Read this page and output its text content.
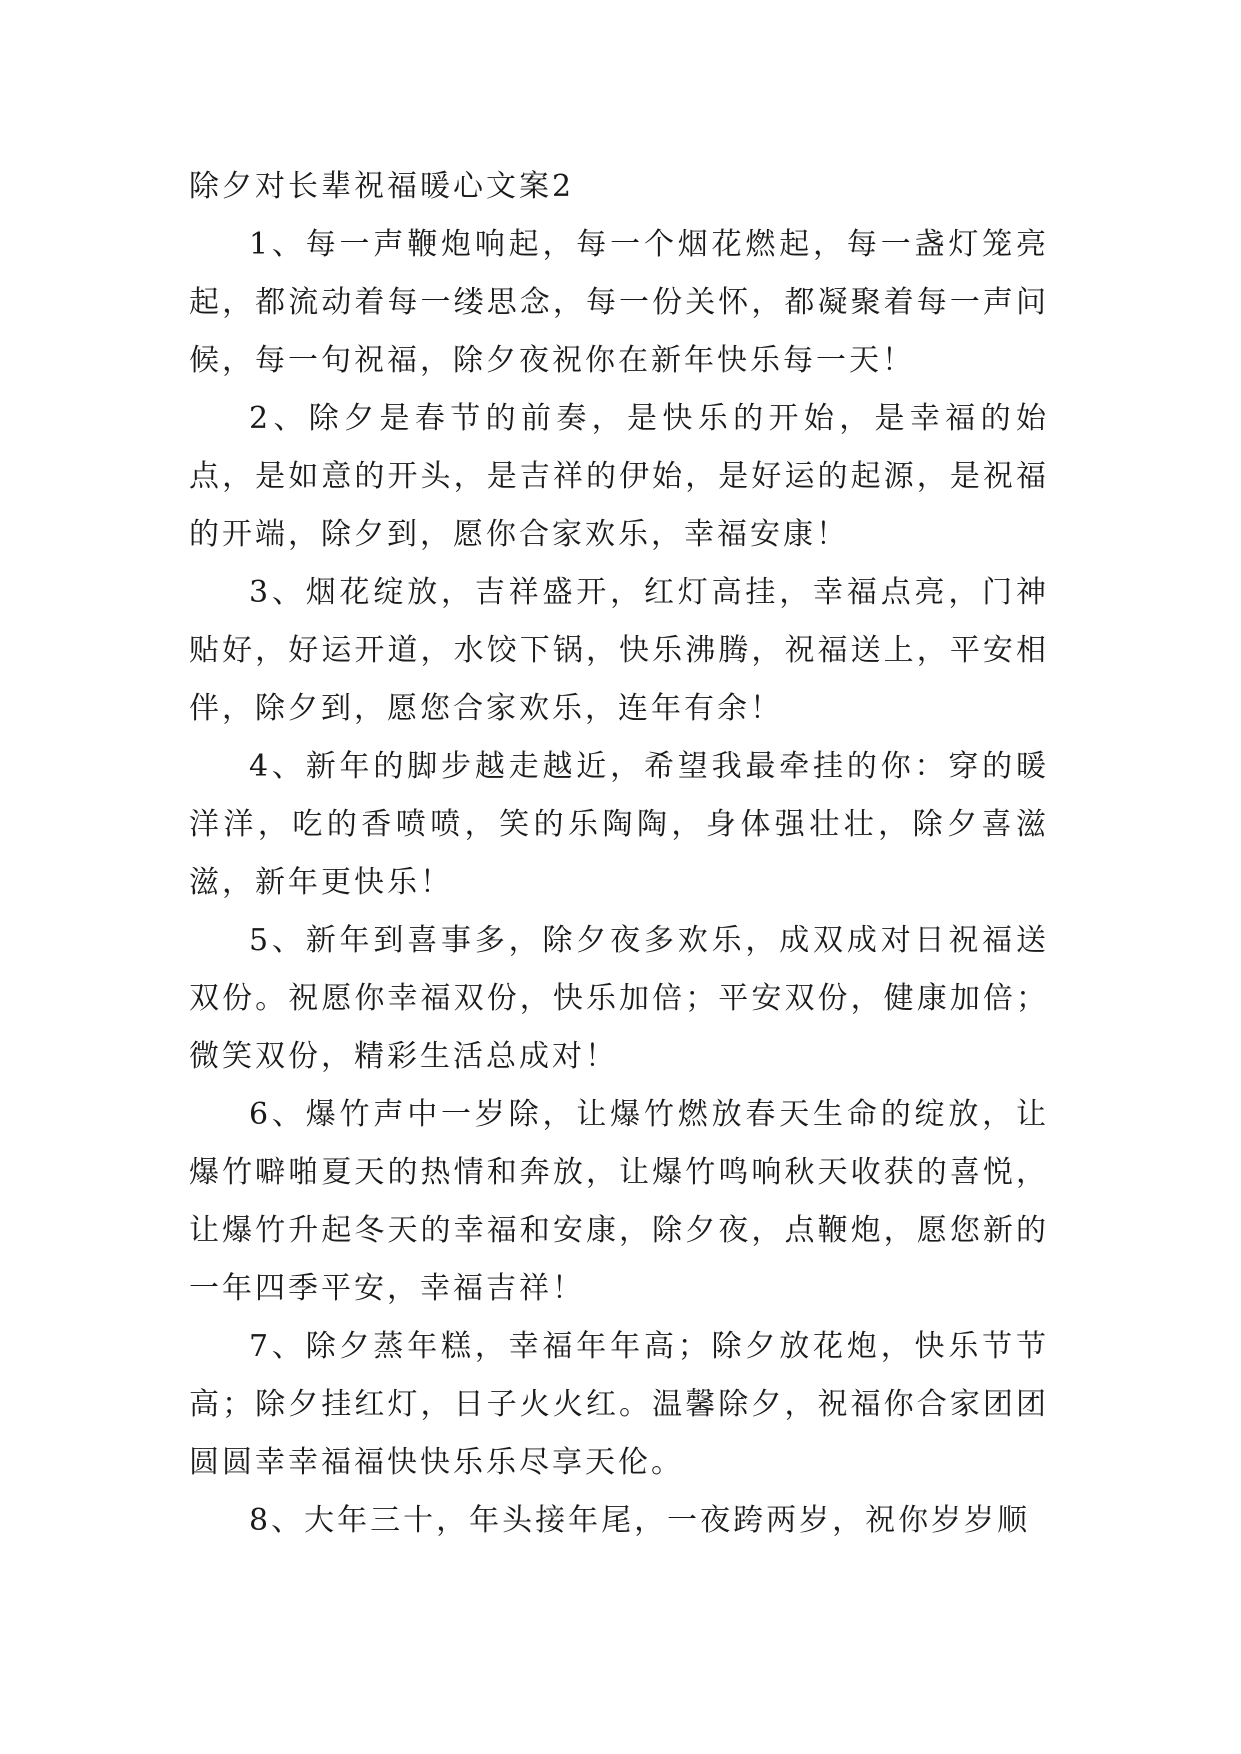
除夕对长辈祝福暖心文案2

1、每一声鞭炮响起，每一个烟花燃起，每一盏灯笼亮起，都流动着每一缕思念，每一份关怀，都凝聚着每一声问候，每一句祝福，除夕夜祝你在新年快乐每一天！

2、除夕是春节的前奏，是快乐的开始，是幸福的始点，是如意的开头，是吉祥的伊始，是好运的起源，是祝福的开端，除夕到，愿你合家欢乐，幸福安康！

3、烟花绽放，吉祥盛开，红灯高挂，幸福点亮，门神贴好，好运开道，水饺下锅，快乐沸腾，祝福送上，平安相伴，除夕到，愿您合家欢乐，连年有余！

4、新年的脚步越走越近，希望我最牵挂的你：穿的暖洋洋，吃的香喷喷，笑的乐陶陶，身体强壮壮，除夕喜滋滋，新年更快乐！

5、新年到喜事多，除夕夜多欢乐，成双成对日祝福送双份。祝愿你幸福双份，快乐加倍；平安双份，健康加倍；微笑双份，精彩生活总成对！

6、爆竹声中一岁除，让爆竹燃放春天生命的绽放，让爆竹噼啪夏天的热情和奔放，让爆竹鸣响秋天收获的喜悦，让爆竹升起冬天的幸福和安康，除夕夜，点鞭炮，愿您新的一年四季平安，幸福吉祥！

7、除夕蒸年糕，幸福年年高；除夕放花炮，快乐节节高；除夕挂红灯，日子火火红。温馨除夕，祝福你合家团团圆圆幸幸福福快快乐乐尽享天伦。

8、大年三十，年头接年尾，一夜跨两岁，祝你岁岁顺
